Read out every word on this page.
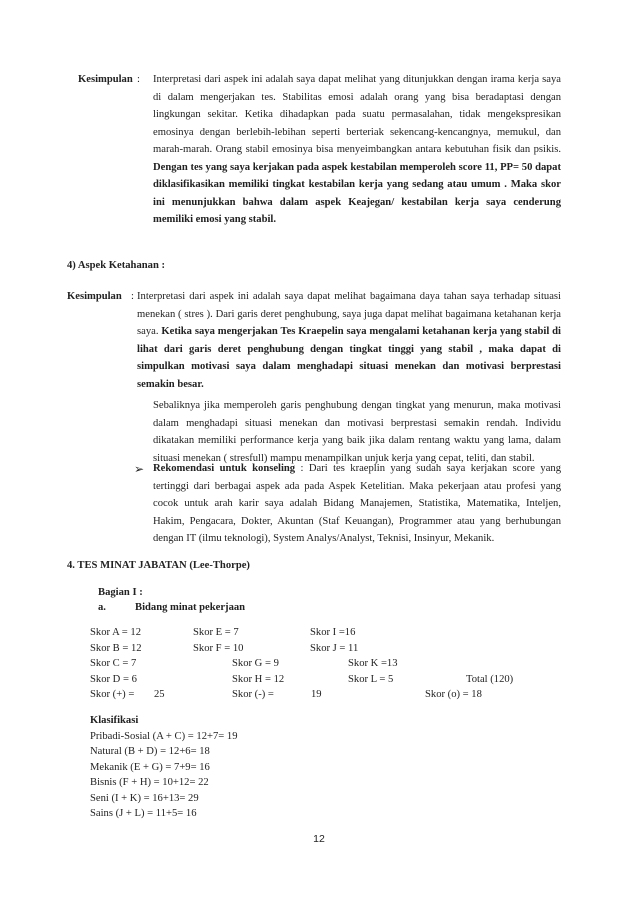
Kesimpulan : Interpretasi dari aspek ini adalah saya dapat melihat yang ditunjukkan dengan irama kerja saya di dalam mengerjakan tes. Stabilitas emosi adalah orang yang bisa beradaptasi dengan lingkungan sekitar. Ketika dihadapkan pada suatu permasalahan, tidak mengekspresikan emosinya dengan berlebih-lebihan seperti berteriak sekencang-kencangnya, memukul, dan marah-marah. Orang stabil emosinya bisa menyeimbangkan antara kebutuhan fisik dan psikis. Dengan tes yang saya kerjakan pada aspek kestabilan memperoleh score 11, PP= 50 dapat diklasifikasikan memiliki tingkat kestabilan kerja yang sedang atau umum . Maka skor ini menunjukkan bahwa dalam aspek Keajegan/ kestabilan kerja saya cenderung memiliki emosi yang stabil.
4) Aspek Ketahanan :
Kesimpulan : Interpretasi dari aspek ini adalah saya dapat melihat bagaimana daya tahan saya terhadap situasi menekan ( stres ). Dari garis deret penghubung, saya juga dapat melihat bagaimana ketahanan kerja saya. Ketika saya mengerjakan Tes Kraepelin saya mengalami ketahanan kerja yang stabil di lihat dari garis deret penghubung dengan tingkat tinggi yang stabil , maka dapat di simpulkan motivasi saya dalam menghadapi situasi menekan dan motivasi berprestasi semakin besar.
Sebaliknya jika memperoleh garis penghubung dengan tingkat yang menurun, maka motivasi dalam menghadapi situasi menekan dan motivasi berprestasi semakin rendah. Individu dikatakan memiliki performance kerja yang baik jika dalam rentang waktu yang lama, dalam situasi menekan ( stresfull) mampu menampilkan unjuk kerja yang cepat, teliti, dan stabil.
➢ Rekomendasi untuk konseling : Dari tes kraeplin yang sudah saya kerjakan score yang tertinggi dari berbagai aspek ada pada Aspek Ketelitian. Maka pekerjaan atau profesi yang cocok untuk arah karir saya adalah Bidang Manajemen, Statistika, Matematika, Inteljen, Hakim, Pengacara, Dokter, Akuntan (Staf Keuangan), Programmer atau yang berhubungan dengan IT (ilmu teknologi), System Analys/Analyst, Teknisi, Insinyur, Mekanik.
4. TES MINAT JABATAN (Lee-Thorpe)
Bagian I :
a.	Bidang minat pekerjaan
Skor A = 12	Skor E = 7	Skor I =16
Skor B = 12	Skor F = 10	Skor J = 11
Skor C = 7	Skor G = 9	Skor K =13
Skor D = 6	Skor H = 12	Skor L = 5	Total (120)
Skor (+) = 25	Skor (-) =	19	Skor (o) = 18
Klasifikasi
Pribadi-Sosial (A + C) = 12+7= 19
Natural (B + D) = 12+6= 18
Mekanik (E + G) = 7+9= 16
Bisnis (F + H) = 10+12= 22
Seni (I + K) = 16+13= 29
Sains (J + L) = 11+5= 16
12
